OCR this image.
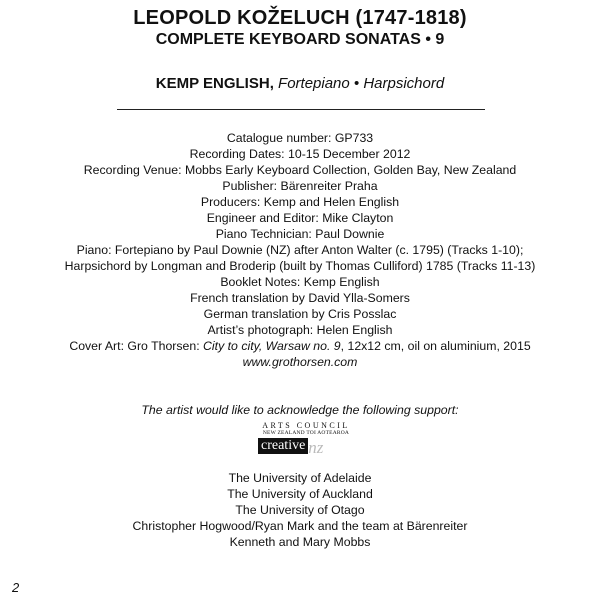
LEOPOLD KOŽELUCH (1747-1818)
COMPLETE KEYBOARD SONATAS • 9
KEMP ENGLISH, Fortepiano • Harpsichord
Catalogue number: GP733
Recording Dates: 10-15 December 2012
Recording Venue: Mobbs Early Keyboard Collection, Golden Bay, New Zealand
Publisher: Bärenreiter Praha
Producers: Kemp and Helen English
Engineer and Editor: Mike Clayton
Piano Technician: Paul Downie
Piano: Fortepiano by Paul Downie (NZ) after Anton Walter (c. 1795) (Tracks 1-10);
Harpsichord by Longman and Broderip (built by Thomas Culliford) 1785 (Tracks 11-13)
Booklet Notes: Kemp English
French translation by David Ylla-Somers
German translation by Cris Posslac
Artist’s photograph: Helen English
Cover Art: Gro Thorsen: City to city, Warsaw no. 9, 12x12 cm, oil on aluminium, 2015
www.grothorsen.com
The artist would like to acknowledge the following support:
ARTS COUNCIL
NEW ZEALAND TOI AOTEAROA
creative nz
The University of Adelaide
The University of Auckland
The University of Otago
Christopher Hogwood/Ryan Mark and the team at Bärenreiter
Kenneth and Mary Mobbs
2
